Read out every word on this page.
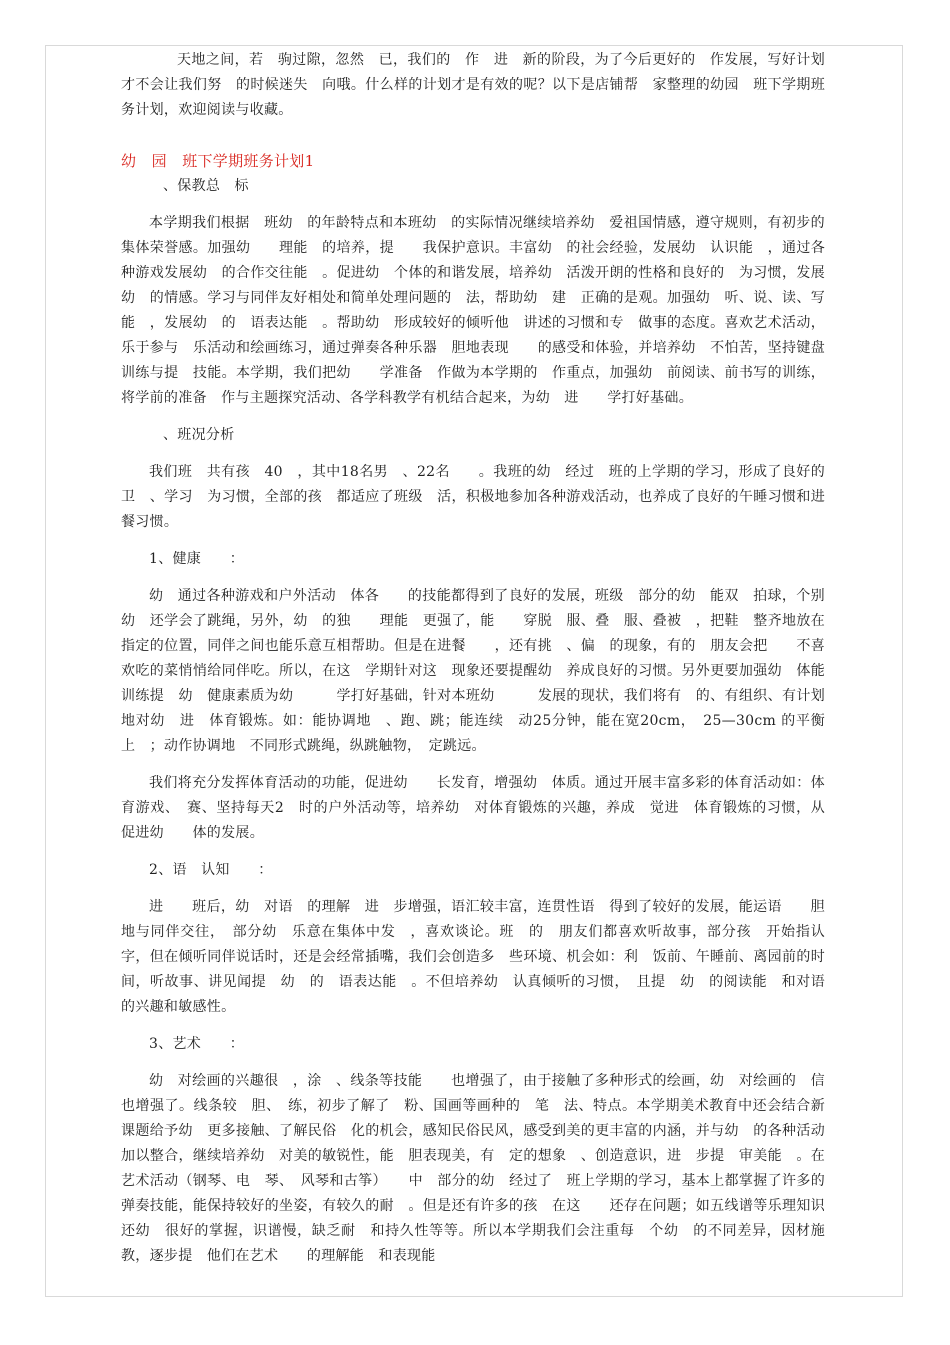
天地之间，若　驹过隙，忽然　已，我们的　作　进　新的阶段，为了今后更好的　作发展，写好计划才不会让我们努　的时候迷失　向哦。什么样的计划才是有效的呢？以下是店铺帮　家整理的幼园　班下学期班务计划，欢迎阅读与收藏。

幼　园　班下学期班务计划1
、保教总　标

本学期我们根据　班幼　的年龄特点和本班幼　的实际情况继续培养幼　爱祖国情感，遵守规则，有初步的集体荣誉感。加强幼　　理能　的培养，提　　我保护意识。丰富幼　的社会经验，发展幼　认识能　，通过各种游戏发展幼　的合作交往能　。促进幼　个体的和谐发展，培养幼　活泼开朗的性格和良好的　为习惯，发展幼　的情感。学习与同伴友好相处和简单处理问题的　法，帮助幼　建　正确的是观。加强幼　听、说、读、写能　，发展幼　的　语表达能　。帮助幼　形成较好的倾听他　讲述的习惯和专　做事的态度。喜欢艺术活动，乐于参与　乐活动和绘画练习，通过弹奏各种乐器　胆地表现　　的感受和体验，并培养幼　不怕苦，坚持键盘训练与提　技能。本学期，我们把幼　　学准备　作做为本学期的　作重点，加强幼　前阅读、前书写的训练，将学前的准备　作与主题探究活动、各学科教学有机结合起来，为幼　进　　学打好基础。

、班况分析

我们班　共有孩　40　，其中18名男　、22名　　。我班的幼　经过　班的上学期的学习，形成了良好的卫　、学习　为习惯，全部的孩　都适应了班级　活，积极地参加各种游戏活动，也养成了良好的午睡习惯和进餐习惯。

1、健康　　：

幼　通过各种游戏和户外活动　体各　　的技能都得到了良好的发展，班级　部分的幼　能双　拍球，个别幼　还学会了跳绳，另外，幼　的独　　理能　更强了，能　　穿脱　服、叠　服、叠被　，把鞋　整齐地放在指定的位置，同伴之间也能乐意互相帮助。但是在进餐　　，还有挑　、偏　的现象，有的　朋友会把　　不喜欢吃的菜悄悄给同伴吃。所以，在这　学期针对这　现象还要提醒幼　养成良好的习惯。另外更要加强幼　体能训练提　幼　健康素质为幼　　　学打好基础，针对本班幼　　　发展的现状，我们将有　的、有组织、有计划地对幼　进　体育锻炼。如：能协调地　、跑、跳；能连续　动25分钟，能在宽20cm，　25—30cm 的平衡　上　；动作协调地　不同形式跳绳，纵跳触物，　定跳远。

我们将充分发挥体育活动的功能，促进幼　　长发育，增强幼　体质。通过开展丰富多彩的体育活动如：体育游戏、　赛、坚持每天2　时的户外活动等，培养幼　对体育锻炼的兴趣，养成　觉进　体育锻炼的习惯，从　促进幼　　体的发展。

2、语　认知　　：

进　　班后，幼　对语　的理解　进　步增强，语汇较丰富，连贯性语　得到了较好的发展，能运语　　胆地与同伴交往，　部分幼　乐意在集体中发　，喜欢谈论。班　的　朋友们都喜欢听故事，部分孩　开始指认　字，但在倾听同伴说话时，还是会经常插嘴，我们会创造多　些环境、机会如：利　饭前、午睡前、离园前的时间，听故事、讲见闻提　幼　的　语表达能　。不但培养幼　认真倾听的习惯，　且提　幼　的阅读能　和对语　的兴趣和敏感性。

3、艺术　　：

幼　对绘画的兴趣很　，涂　、线条等技能　　也增强了，由于接触了多种形式的绘画，幼　对绘画的　信　也增强了。线条较　胆、　练，初步了解了　粉、国画等画种的　笔　法、特点。本学期美术教育中还会结合新课题给予幼　更多接触、了解民俗　化的机会，感知民俗民风，感受到美的更丰富的内涵，并与幼　的各种活动加以整合，继续培养幼　对美的敏锐性，能　胆表现美，有　定的想象　、创造意识，进　步提　审美能　。在艺术活动（钢琴、电　琴、　风琴和古筝）　　中　部分的幼　经过了　班上学期的学习，基本上都掌握了许多的弹奏技能，能保持较好的坐姿，有较久的耐　。但是还有许多的孩　在这　　还存在问题；如五线谱等乐理知识还幼　很好的掌握，识谱慢，缺乏耐　和持久性等等。所以本学期我们会注重每　个幼　的不同差异，因材施教，逐步提　他们在艺术　　的理解能　和表现能
